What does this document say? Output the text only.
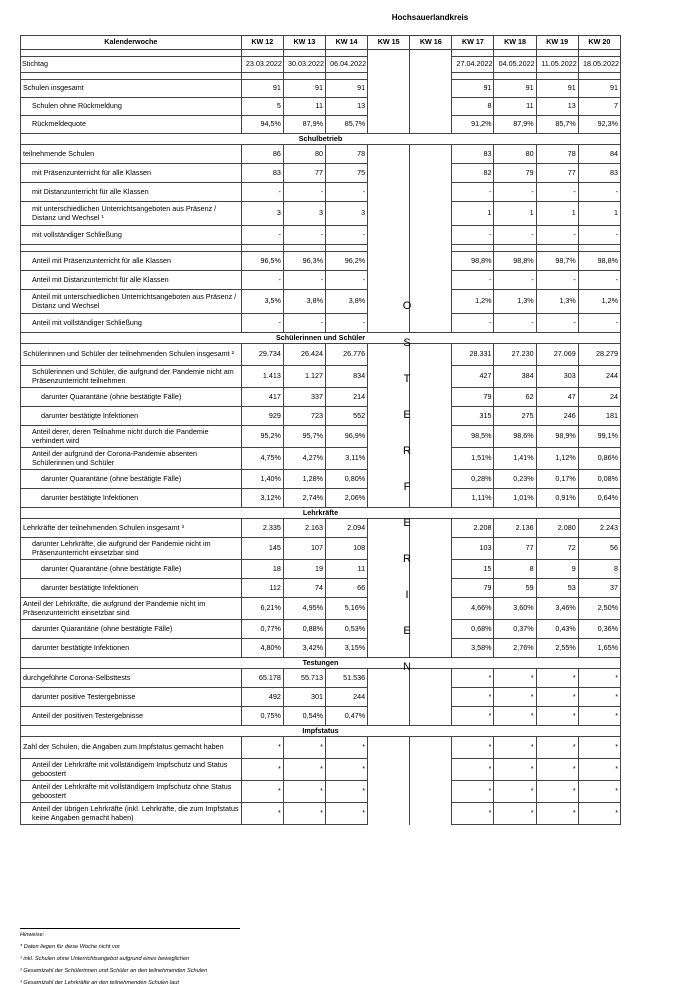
Hochsauerlandkreis
Kalenderwoche	KW 12	KW 13	KW 14	KW 15	KW 16	KW 17	KW 18	KW 19	KW 20

Stichtag	23.03.2022	30.03.2022	06.04.2022			27.04.2022	04.05.2022	11.05.2022	18.05.2022

Schulen insgesamt	91	91	91			91	91	91	91
Schulen ohne Rückmeldung	5	11	13			8	11	13	7
Rückmeldequote	94,5%	87,9%	85,7%			91,2%	87,9%	85,7%	92,3%
Schulbetrieb									
teilnehmende Schulen	86	80	78			83	80	78	84
mit Präsenzunterricht für alle Klassen	83	77	75			82	79	77	83
mit Distanzunterricht für alle Klassen	-	-	-			-	-	-	-
mit unterschiedlichen Unterrichtsangeboten aus Präsenz / Distanz und Wechsel ¹	3	3	3			1	1	1	1
mit vollständiger Schließung	-	-	-			-	-	-	-

Anteil mit Präsenzunterricht für alle Klassen	96,5%	96,3%	96,2%			98,8%	98,8%	98,7%	98,8%
Anteil mit Distanzunterricht für alle Klassen	-	-	-			-	-	-	-
Anteil mit unterschiedlichen Unterrichtsangeboten aus Präsenz / Distanz und Wechsel	3,5%	3,8%	3,8%			1,2%	1,3%	1,3%	1,2%
Anteil mit vollständiger Schließung	-	-	-			-	-	-	-
Schülerinnen und Schüler									
Schülerinnen und Schüler der teilnehmenden Schulen insgesamt ²	29.734	26.424	26.776			28.331	27.230	27.069	28.279
Schülerinnen und Schüler, die aufgrund der Pandemie nicht am Präsenzunterricht teilnehmen	1.413	1.127	834			427	384	303	244
darunter Quarantäne (ohne bestätigte Fälle)	417	337	214			79	62	47	24
darunter bestätigte Infektionen	929	723	552			315	275	246	181
Anteil derer, deren Teilnahme nicht durch die Pandemie verhindert wird	95,2%	95,7%	96,9%			98,5%	98,6%	98,9%	99,1%
Anteil der aufgrund der Corona-Pandemie absenten Schülerinnen und Schüler	4,75%	4,27%	3,11%			1,51%	1,41%	1,12%	0,86%
darunter Quarantäne (ohne bestätigte Fälle)	1,40%	1,28%	0,80%			0,28%	0,23%	0,17%	0,08%
darunter bestätigte Infektionen	3,12%	2,74%	2,06%			1,11%	1,01%	0,91%	0,64%
Lehrkräfte									
Lehrkräfte der teilnehmenden Schulen insgesamt ³	2.335	2.163	2.094			2.208	2.136	2.080	2.243
darunter Lehrkräfte, die aufgrund der Pandemie nicht im Präsenzunterricht einsetzbar sind	145	107	108			103	77	72	56
darunter Quarantäne (ohne bestätigte Fälle)	18	19	11			15	8	9	8
darunter bestätigte Infektionen	112	74	66			79	59	53	37
Anteil der Lehrkräfte, die aufgrund der Pandemie nicht im Präsenzunterricht einsetzbar sind	6,21%	4,95%	5,16%			4,66%	3,60%	3,46%	2,50%
darunter Quarantäne (ohne bestätigte Fälle)	0,77%	0,88%	0,53%			0,68%	0,37%	0,43%	0,36%
darunter bestätigte Infektionen	4,80%	3,42%	3,15%			3,58%	2,76%	2,55%	1,65%
Testungen									
durchgeführte Corona-Selbsttests	65.178	55.713	51.536			*	*	*	*
darunter positive Testergebnisse	492	301	244			*	*	*	*
Anteil der positiven Testergebnisse	0,75%	0,54%	0,47%			*	*	*	*
Impfstatus									
Zahl der Schulen, die Angaben zum Impfstatus gemacht haben	*	*	*			*	*	*	*
Anteil der Lehrkräfte mit vollständigem Impfschutz und Status geboostert	*	*	*			*	*	*	*
Anteil der Lehrkräfte mit vollständigem Impfschutz ohne Status geboostert	*	*	*			*	*	*	*
Anteil der übrigen Lehrkräfte (inkl. Lehrkräfte, die zum Impfstatus keine Angaben gemacht haben)	*	*	*			*	*	*	*
O
S
T
E
R
F
E
R
I
E
N
Hinweise:
* Daten liegen für diese Woche nicht vor
¹ inkl. Schulen ohne Unterrichtsangebot aufgrund eines beweglichen
² Gesamtzahl der Schülerinnen und Schüler an den teilnehmenden Schulen
³ Gesamtzahl der Lehrkräfte an den teilnehmenden Schulen laut
